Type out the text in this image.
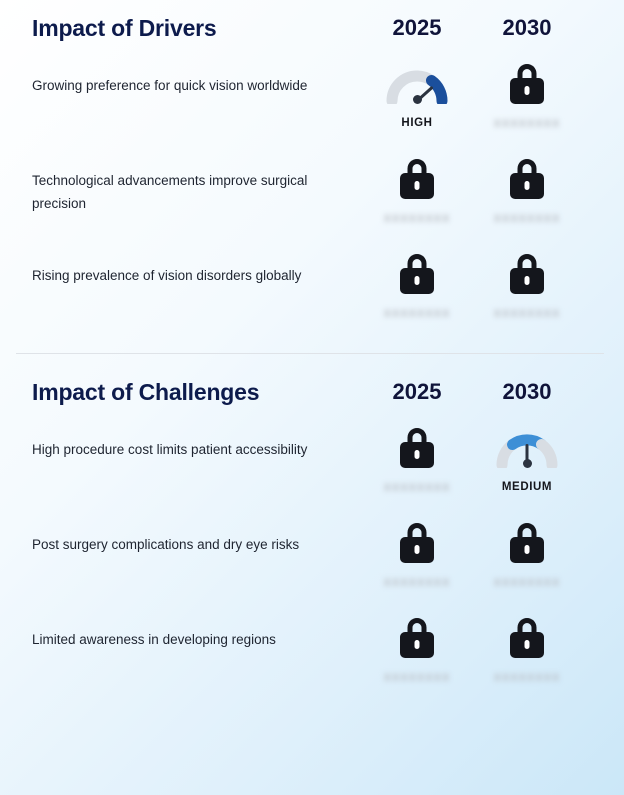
Impact of Drivers	2025	2030
Growing preference for quick vision worldwide
HIGH	XXXXXXXX
Technological advancements improve surgical precision
XXXXXXXX	XXXXXXXX
Rising prevalence of vision disorders globally
XXXXXXXX	XXXXXXXX
Impact of Challenges	2025	2030
High procedure cost limits patient accessibility
XXXXXXXX	MEDIUM
Post surgery complications and dry eye risks
XXXXXXXX	XXXXXXXX
Limited awareness in developing regions
XXXXXXXX	XXXXXXXX
